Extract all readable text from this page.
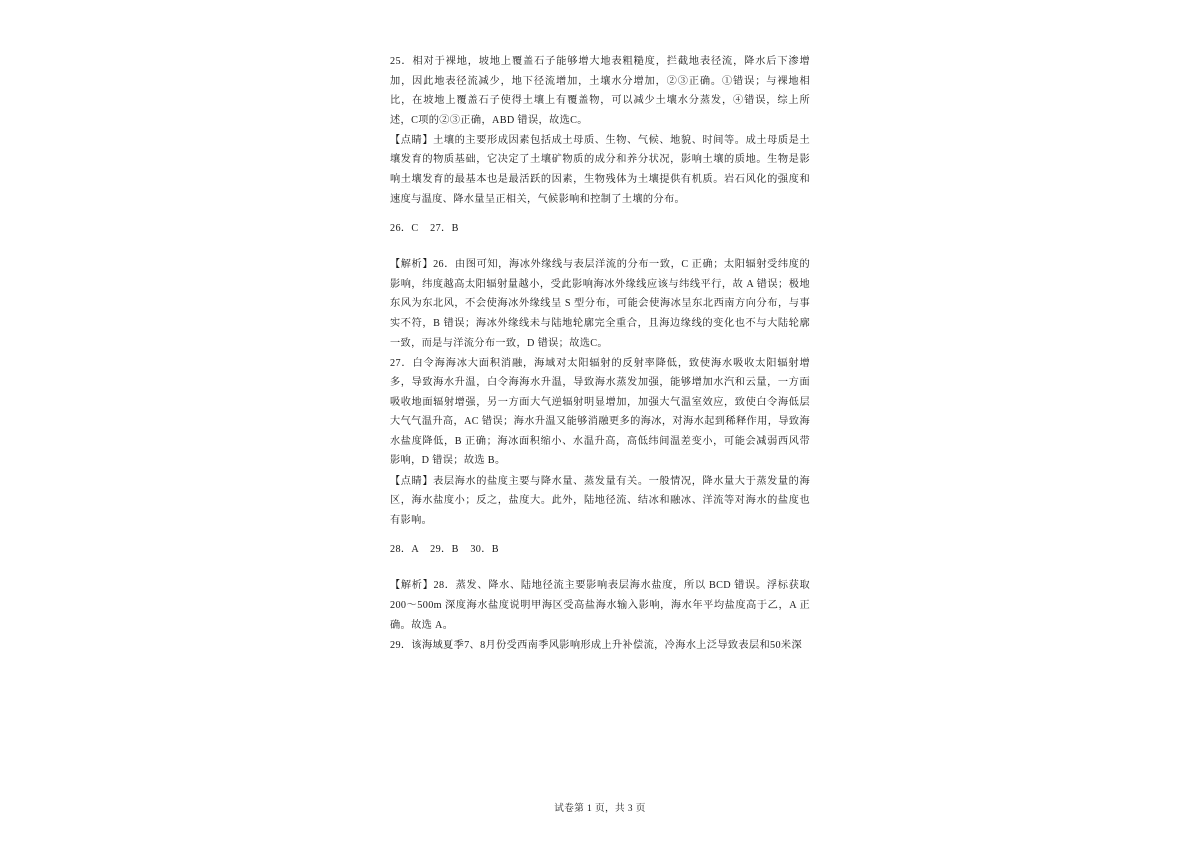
25．相对于裸地，坡地上覆盖石子能够增大地表粗糙度，拦截地表径流，降水后下渗增加，因此地表径流减少，地下径流增加，土壤水分增加，②③正确。①错误；与裸地相比，在坡地上覆盖石子使得土壤上有覆盖物，可以减少土壤水分蒸发，④错误，综上所述，C项的②③正确，ABD 错误，故选C。

【点睛】土壤的主要形成因素包括成土母质、生物、气候、地貌、时间等。成土母质是土壤发育的物质基础，它决定了土壤矿物质的成分和养分状况，影响土壤的质地。生物是影响土壤发育的最基本也是最活跃的因素，生物残体为土壤提供有机质。岩石风化的强度和速度与温度、降水量呈正相关，气候影响和控制了土壤的分布。

26．C    27．B

【解析】26．由图可知，海冰外缘线与表层洋流的分布一致，C 正确；太阳辐射受纬度的影响，纬度越高太阳辐射量越小，受此影响海冰外缘线应该与纬线平行，故 A 错误；极地东风为东北风，不会使海冰外缘线呈 S 型分布，可能会使海冰呈东北西南方向分布，与事实不符，B 错误；海冰外缘线未与陆地轮廓完全重合，且海边缘线的变化也不与大陆轮廓一致，而是与洋流分布一致，D 错误；故选C。

27．白令海海冰大面积消融，海域对太阳辐射的反射率降低，致使海水吸收太阳辐射增多，导致海水升温，白令海海水升温，导致海水蒸发加强，能够增加水汽和云量，一方面吸收地面辐射增强，另一方面大气逆辐射明显增加，加强大气温室效应，致使白令海低层大气气温升高，AC 错误；海水升温又能够消融更多的海冰，对海水起到稀释作用，导致海水盐度降低，B 正确；海冰面积缩小、水温升高，高低纬间温差变小，可能会减弱西风带影响，D 错误；故选 B。

【点睛】表层海水的盐度主要与降水量、蒸发量有关。一般情况，降水量大于蒸发量的海区，海水盐度小；反之，盐度大。此外，陆地径流、结冰和融冰、洋流等对海水的盐度也有影响。

28．A    29．B    30．B

【解析】28．蒸发、降水、陆地径流主要影响表层海水盐度，所以 BCD 错误。浮标获取200～500m 深度海水盐度说明甲海区受高盐海水输入影响，海水年平均盐度高于乙，A 正确。故选 A。

29．该海域夏季7、8月份受西南季风影响形成上升补偿流，冷海水上泛导致表层和50米深

试卷第 1 页，共 3 页
